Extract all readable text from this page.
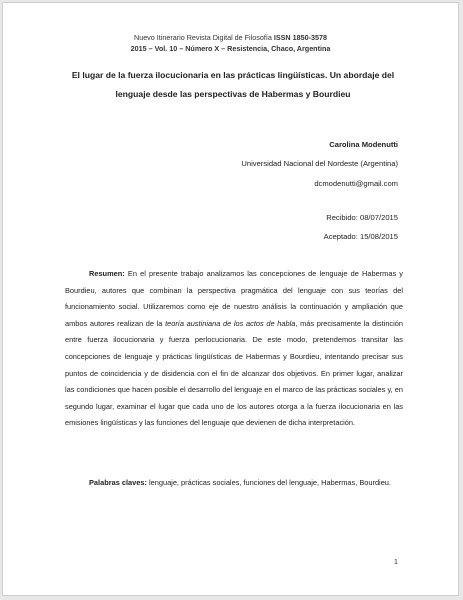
Nuevo Itinerario Revista Digital de Filosofía ISSN 1850-3578
2015 – Vol. 10 – Número X – Resistencia, Chaco, Argentina
El lugar de la fuerza ilocucionaria en las prácticas lingüísticas. Un abordaje del lenguaje desde las perspectivas de Habermas y Bourdieu
Carolina Modenutti
Universidad Nacional del Nordeste (Argentina)
dcmodenutti@gmail.com
Recibido: 08/07/2015
Aceptado: 15/08/2015

Resumen: En el presente trabajo analizamos las concepciones de lenguaje de Habermas y Bourdieu, autores que combinan la perspectiva pragmática del lenguaje con sus teorías del funcionamiento social. Utilizaremos como eje de nuestro análisis la continuación y ampliación que ambos autores realizan de la teoría austiniana de los actos de habla, más precisamente la distinción entre fuerza ilocucionaria y fuerza perlocucionaria. De este modo, pretendemos transitar las concepciones de lenguaje y prácticas lingüísticas de Habermas y Bourdieu, intentando precisar sus puntos de coincidencia y de disidencia con el fin de alcanzar dos objetivos. En primer lugar, analizar las condiciones que hacen posible el desarrollo del lenguaje en el marco de las prácticas sociales y, en segundo lugar, examinar el lugar que cada uno de los autores otorga a la fuerza ilocucionaria en las emisiones lingüísticas y las funciones del lenguaje que devienen de dicha interpretación.

Palabras claves: lenguaje, prácticas sociales, funciones del lenguaje, Habermas, Bourdieu.
1
